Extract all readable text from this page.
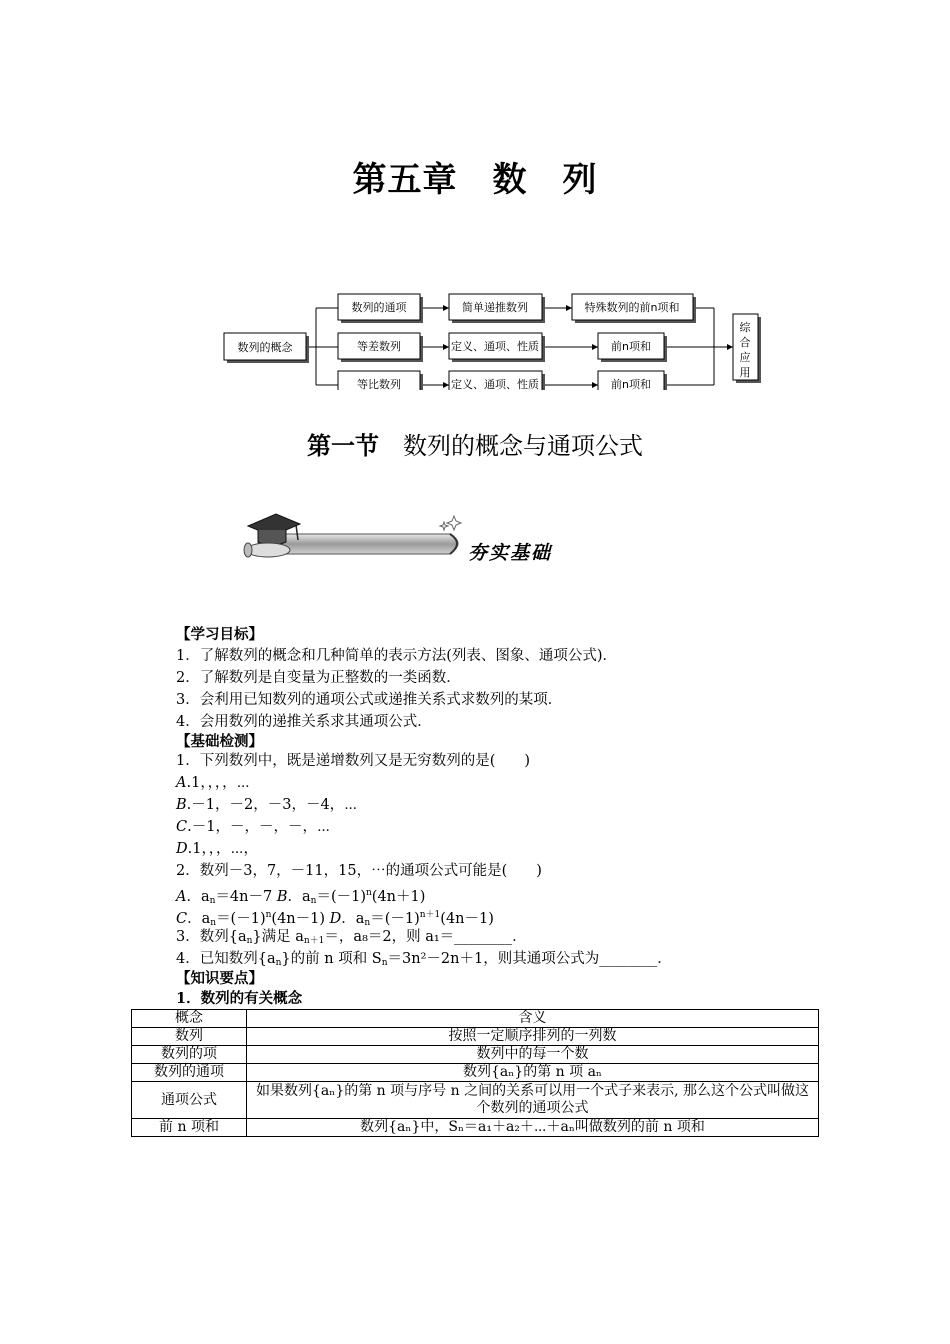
第五章　数　列
数列的概念
数列的通项	简单递推数列	特殊数列的前n项和
等差数列	定义、通项、性质	前n项和
等比数列	定义、通项、性质	前n项和
综
合
应
用
第一节　 数列的概念与通项公式
夯实基础
【学习目标】
1．了解数列的概念和几种简单的表示方法(列表、图象、通项公式)．
2．了解数列是自变量为正整数的一类函数．
3．会利用已知数列的通项公式或递推关系式求数列的某项．
4．会用数列的递推关系求其通项公式．
【基础检测】
1．下列数列中，既是递增数列又是无穷数列的是(　　)
A.1，，，，⋯
B.－1，－2，－3，－4，⋯
C.－1，－，－，－，⋯
D.1，，，⋯，
2．数列－3，7，－11，15，⋯的通项公式可能是(　　)
A．$a_n=4n-7$ B．$a_n=(-1)^n(4n+1)$
C．$a_n=(-1)^n(4n-1)$ D．$a_n=(-1)^{n+1}(4n-1)$
3．数列$\{a_n\}$满足 $a_{n+1}=$，a₈＝2，则 a₁＝________．
4．已知数列$\{a_n\}$的前 n 项和 $S_n=3n^2-2n+1$，则其通项公式为________．
【知识要点】
1．数列的有关概念
概念	含义
数列	按照一定顺序排列的一列数
数列的项	数列中的每一个数
数列的通项	数列{aₙ}的第 n 项 aₙ
通项公式	如果数列{aₙ}的第 n 项与序号 n 之间的关系可以用一个式子来表示, 那么这个公式叫做这个数列的通项公式
前 n 项和	数列{aₙ}中，Sₙ＝a₁＋a₂＋⋯＋aₙ叫做数列的前 n 项和
